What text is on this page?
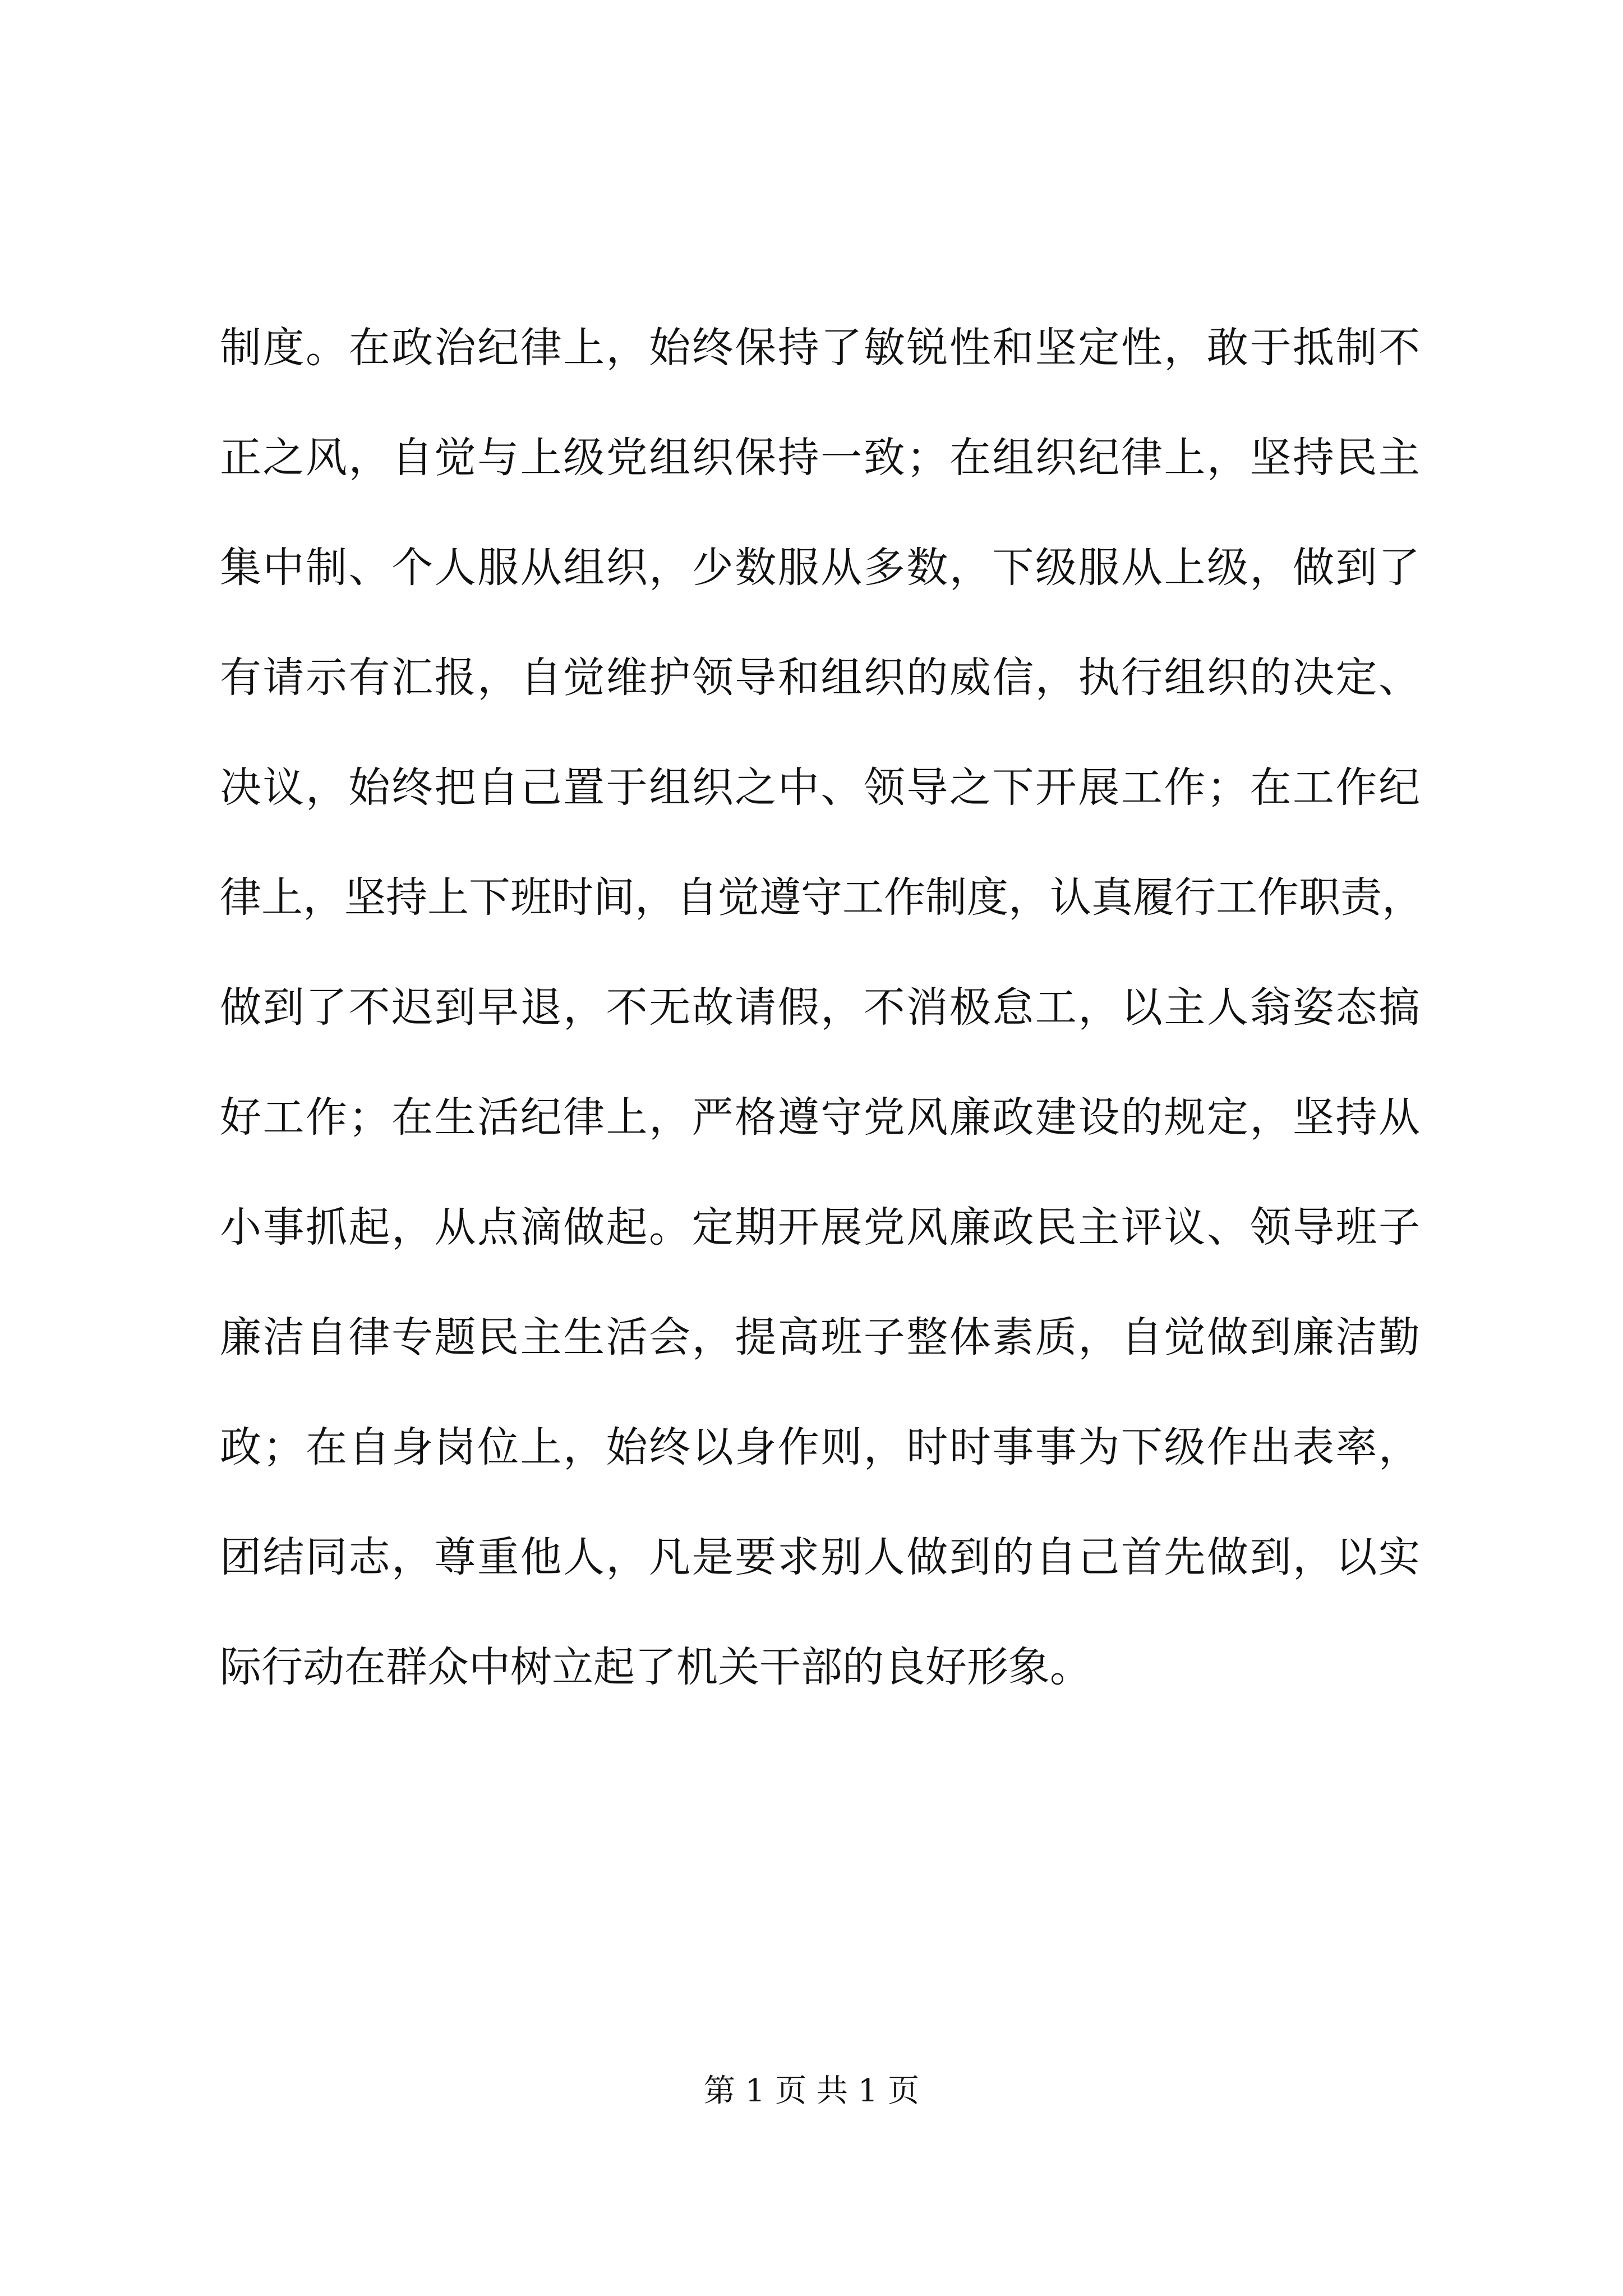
制度。在政治纪律上，始终保持了敏锐性和坚定性，敢于抵制不
正之风，自觉与上级党组织保持一致；在组织纪律上，坚持民主
集中制、个人服从组织，少数服从多数，下级服从上级，做到了
有请示有汇报，自觉维护领导和组织的威信，执行组织的决定、
决议，始终把自己置于组织之中、领导之下开展工作；在工作纪
律上，坚持上下班时间，自觉遵守工作制度，认真履行工作职责，
做到了不迟到早退，不无故请假，不消极怠工，以主人翁姿态搞
好工作；在生活纪律上，严格遵守党风廉政建设的规定，坚持从
小事抓起，从点滴做起。定期开展党风廉政民主评议、领导班子
廉洁自律专题民主生活会，提高班子整体素质，自觉做到廉洁勤
政；在自身岗位上，始终以身作则，时时事事为下级作出表率，
团结同志，尊重他人，凡是要求别人做到的自己首先做到，以实
际行动在群众中树立起了机关干部的良好形象。
第 1 页 共 1 页
